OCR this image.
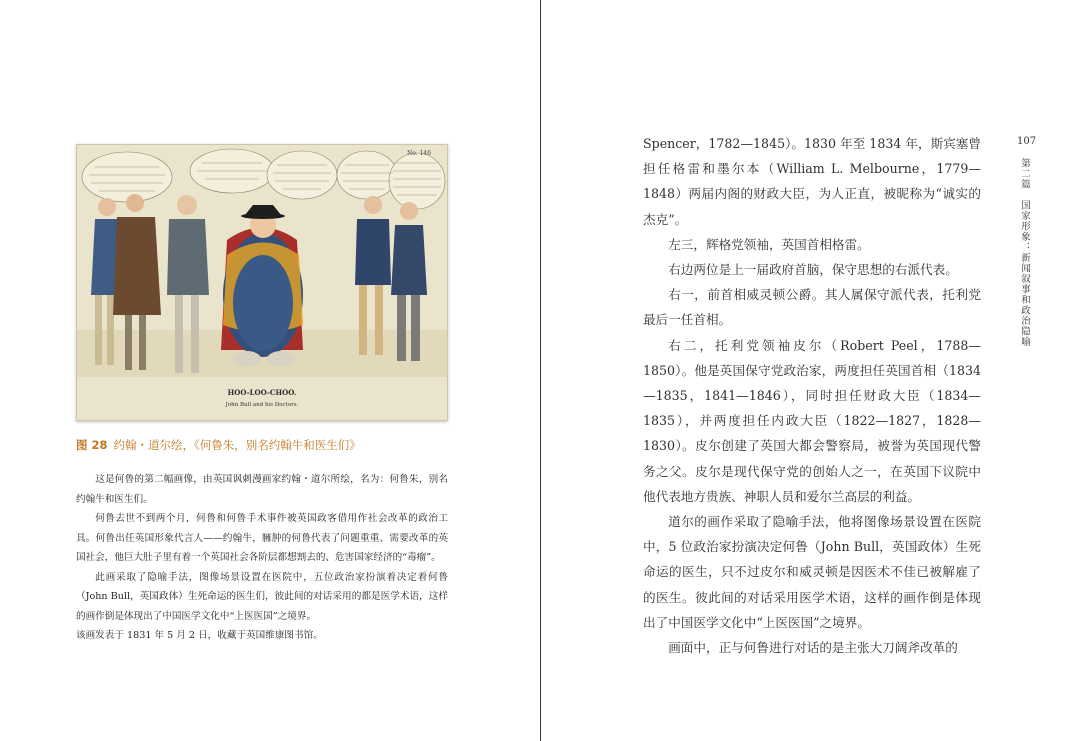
No. 146
HOO-LOO-CHOO.
John Bull and his Doctors.
图 28 约翰・道尔绘，《何鲁朱，别名约翰牛和医生们》

这是何鲁的第二幅画像，由英国讽刺漫画家约翰・道尔所绘，名为：何鲁朱，别名约翰牛和医生们。

何鲁去世不到两个月，何鲁和何鲁手术事件被英国政客借用作社会改革的政治工具。何鲁出任英国形象代言人——约翰牛，臃肿的何鲁代表了问题重重、需要改革的英国社会，他巨大肚子里有着一个英国社会各阶层都想割去的、危害国家经济的“毒瘤”。

此画采取了隐喻手法，图像场景设置在医院中，五位政治家扮演着决定着何鲁（John Bull，英国政体）生死命运的医生们，彼此间的对话采用的都是医学术语，这样的画作倒是体现出了中国医学文化中“上医医国”之境界。

该画发表于 1831 年 5 月 2 日，收藏于英国维康图书馆。

Spencer，1782—1845）。1830 年至 1834 年，斯宾塞曾担任格雷和墨尔本（William L. Melbourne，1779—1848）两届内阁的财政大臣，为人正直，被昵称为“诚实的杰克”。

左三，辉格党领袖，英国首相格雷。

右边两位是上一届政府首脑，保守思想的右派代表。

右一，前首相威灵顿公爵。其人属保守派代表，托利党最后一任首相。

右二，托利党领袖皮尔（Robert Peel，1788—1850）。他是英国保守党政治家，两度担任英国首相（1834—1835，1841—1846），同时担任财政大臣（1834—1835），并两度担任内政大臣（1822—1827，1828—1830）。皮尔创建了英国大都会警察局，被誉为英国现代警务之父。皮尔是现代保守党的创始人之一，在英国下议院中他代表地方贵族、神职人员和爱尔兰高层的利益。

道尔的画作采取了隐喻手法，他将图像场景设置在医院中，5 位政治家扮演决定何鲁（John Bull，英国政体）生死命运的医生，只不过皮尔和威灵顿是因医术不佳已被解雇了的医生。彼此间的对话采用医学术语，这样的画作倒是体现出了中国医学文化中“上医医国”之境界。

画面中，正与何鲁进行对话的是主张大刀阔斧改革的

107
第二篇　国家形象：新闻叙事和政治隐喻
